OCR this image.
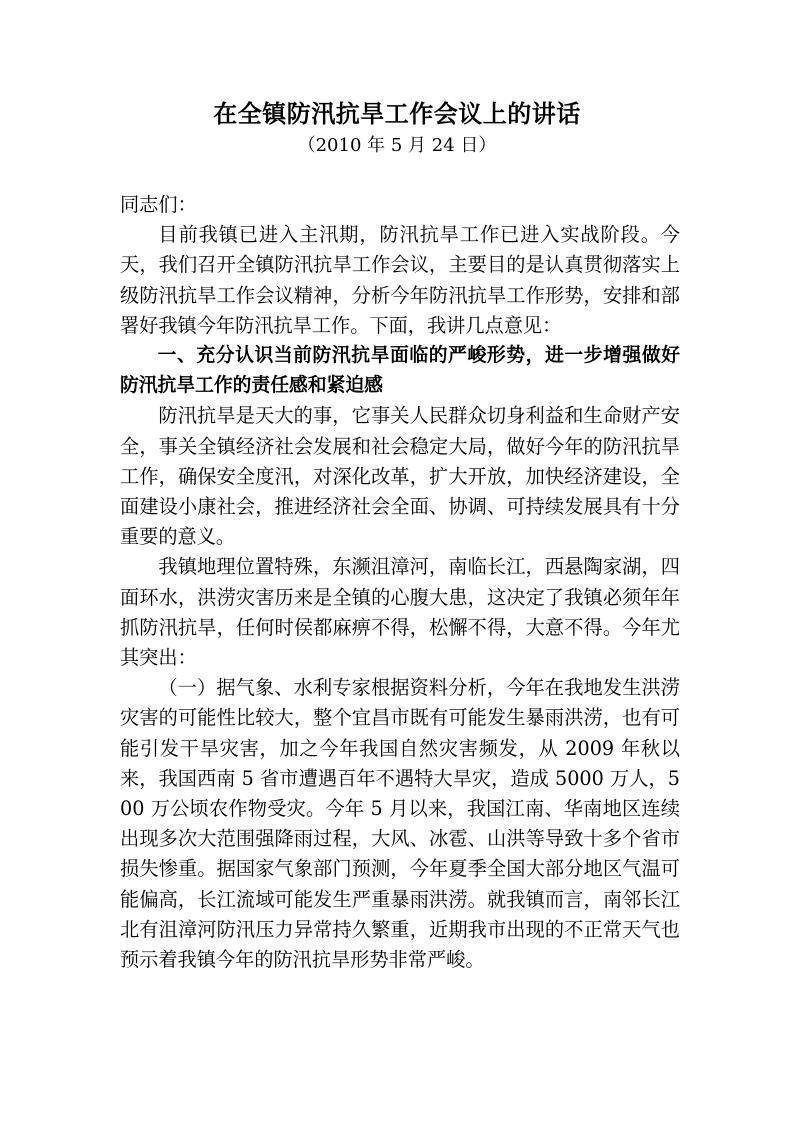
在全镇防汛抗旱工作会议上的讲话
（2010 年 5 月 24 日）

同志们：

目前我镇已进入主汛期，防汛抗旱工作已进入实战阶段。今天，我们召开全镇防汛抗旱工作会议，主要目的是认真贯彻落实上级防汛抗旱工作会议精神，分析今年防汛抗旱工作形势，安排和部署好我镇今年防汛抗旱工作。下面，我讲几点意见：

一、充分认识当前防汛抗旱面临的严峻形势，进一步增强做好防汛抗旱工作的责任感和紧迫感

防汛抗旱是天大的事，它事关人民群众切身利益和生命财产安全，事关全镇经济社会发展和社会稳定大局，做好今年的防汛抗旱工作，确保安全度汛，对深化改革，扩大开放，加快经济建设，全面建设小康社会，推进经济社会全面、协调、可持续发展具有十分重要的意义。

我镇地理位置特殊，东濒沮漳河，南临长江，西悬陶家湖，四面环水，洪涝灾害历来是全镇的心腹大患，这决定了我镇必须年年抓防汛抗旱，任何时侯都麻痹不得，松懈不得，大意不得。今年尤其突出：

（一）据气象、水利专家根据资料分析，今年在我地发生洪涝灾害的可能性比较大，整个宜昌市既有可能发生暴雨洪涝，也有可能引发干旱灾害，加之今年我国自然灾害频发，从 2009 年秋以来，我国西南 5 省市遭遇百年不遇特大旱灾，造成 5000 万人，500 万公顷农作物受灾。今年 5 月以来，我国江南、华南地区连续出现多次大范围强降雨过程，大风、冰雹、山洪等导致十多个省市损失惨重。据国家气象部门预测，今年夏季全国大部分地区气温可能偏高，长江流域可能发生严重暴雨洪涝。就我镇而言，南邻长江北有沮漳河防汛压力异常持久繁重，近期我市出现的不正常天气也预示着我镇今年的防汛抗旱形势非常严峻。
